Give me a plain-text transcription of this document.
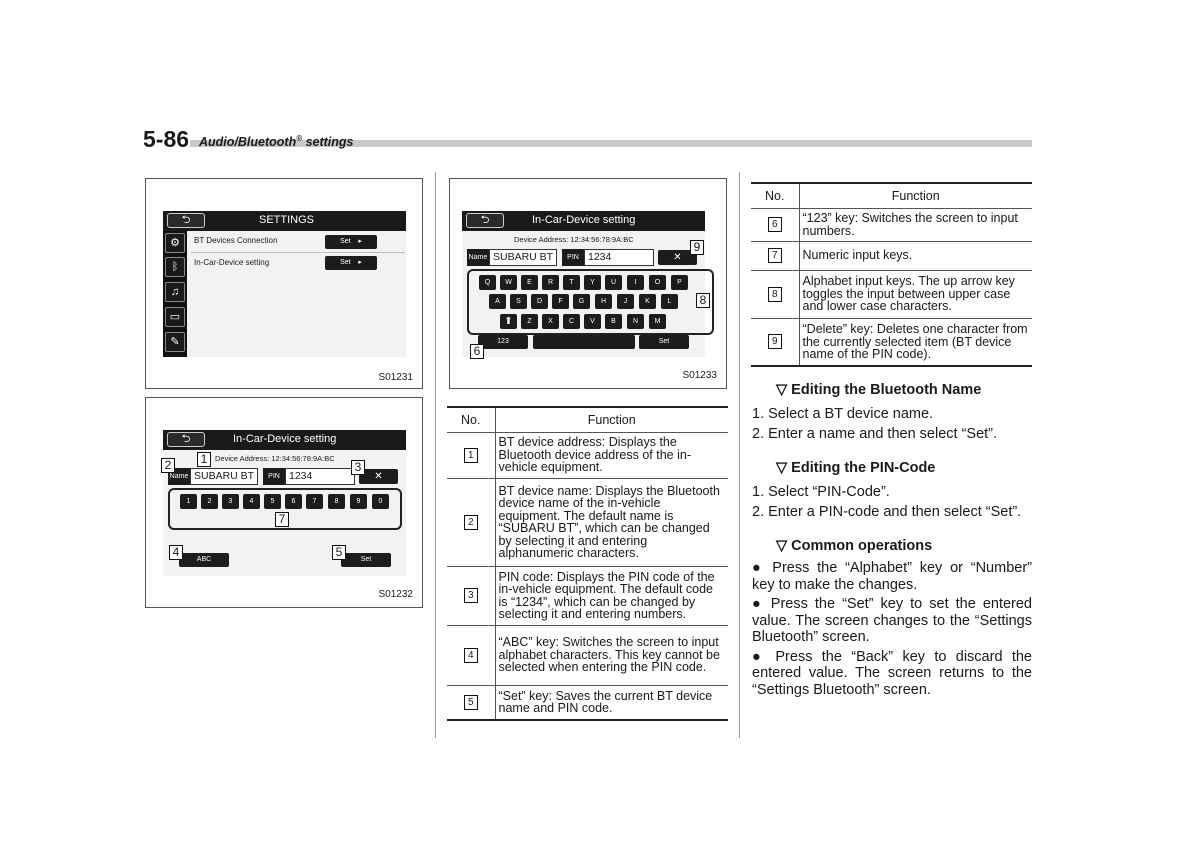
5-86 Audio/Bluetooth® settings
⮌	SETTINGS
⚙
ᛒ
♫
▭
✎
BT Devices Connection	Set    ▸
In-Car-Device setting	Set    ▸
S01231
⮌	In-Car-Device setting
Device Address: 12:34:56:78:9A:BC
Name SUBARU BT	PIN 1234	✕
1	2	3	4	5	6	7	8	9	0
ABC	Set
1
2	3
4	5
7
S01232
⮌	In-Car-Device setting
Device Address: 12:34:56:78:9A:BC
Name SUBARU BT	PIN 1234	✕
Q	W	E	R	T	Y	U	I	O	P
A	S	D	F	G	H	J	K	L
⬆	Z	X	C	V	B	N	M
123	Set
6
8
9
S01233
No.	Function
1	BT device address: Displays the Bluetooth device address of the in-vehicle equipment.
2	BT device name: Displays the Bluetooth device name of the in-vehicle equipment. The default name is “SUBARU BT”, which can be changed by selecting it and entering alphanumeric characters.
3	PIN code: Displays the PIN code of the in-vehicle equipment. The default code is “1234”, which can be changed by selecting it and entering numbers.
4	“ABC” key: Switches the screen to input alphabet characters. This key cannot be selected when entering the PIN code.
5	“Set” key: Saves the current BT device name and PIN code.
No.	Function
6	“123” key: Switches the screen to input numbers.
7	Numeric input keys.
8	Alphabet input keys. The up arrow key toggles the input between upper case and lower case characters.
9	“Delete” key: Deletes one character from the currently selected item (BT device name of the PIN code).
▽ Editing the Bluetooth Name
1. Select a BT device name.
2. Enter a name and then select “Set”.
▽ Editing the PIN-Code
1. Select “PIN-Code”.
2. Enter a PIN-code and then select “Set”.
▽ Common operations
● Press the “Alphabet” key or “Number” key to make the changes.
● Press the “Set” key to set the entered value. The screen changes to the “Settings Bluetooth” screen.
● Press the “Back” key to discard the entered value. The screen returns to the “Settings Bluetooth” screen.
